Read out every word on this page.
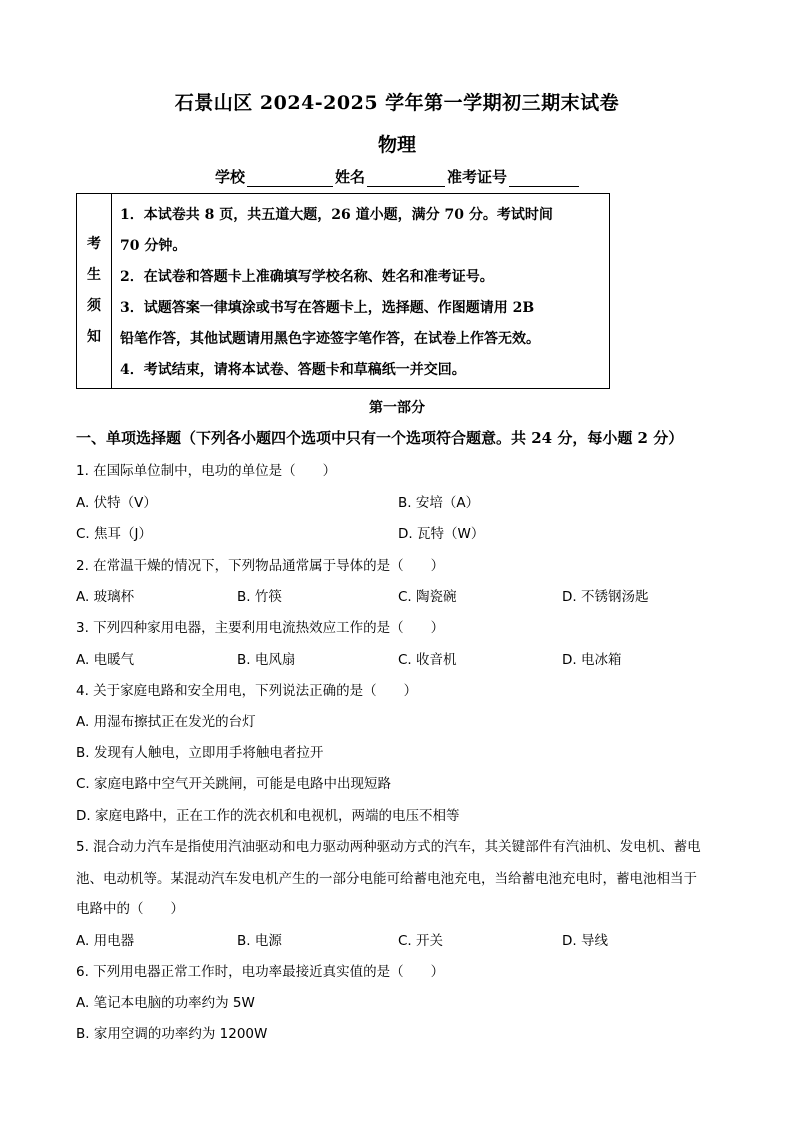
石景山区 2024-2025 学年第一学期初三期末试卷
物理
学校	姓名	准考证号
考
生
须
知
1．本试卷共 8 页，共五道大题，26 道小题，满分 70 分。考试时间
70 分钟。
2．在试卷和答题卡上准确填写学校名称、姓名和准考证号。
3．试题答案一律填涂或书写在答题卡上，选择题、作图题请用 2B
铅笔作答，其他试题请用黑色字迹签字笔作答，在试卷上作答无效。
4．考试结束，请将本试卷、答题卡和草稿纸一并交回。
第一部分
一、单项选择题（下列各小题四个选项中只有一个选项符合题意。共 24 分，每小题 2 分）
1. 在国际单位制中，电功的单位是（　　）
A. 伏特（V）	B. 安培（A）
C. 焦耳（J）	D. 瓦特（W）
2. 在常温干燥的情况下，下列物品通常属于导体的是（　　）
A. 玻璃杯	B. 竹筷	C. 陶瓷碗	D. 不锈钢汤匙
3. 下列四种家用电器，主要利用电流热效应工作的是（　　）
A. 电暖气	B. 电风扇	C. 收音机	D. 电冰箱
4. 关于家庭电路和安全用电，下列说法正确的是（　　）
A. 用湿布擦拭正在发光的台灯
B. 发现有人触电，立即用手将触电者拉开
C. 家庭电路中空气开关跳闸，可能是电路中出现短路
D. 家庭电路中，正在工作的洗衣机和电视机，两端的电压不相等
5. 混合动力汽车是指使用汽油驱动和电力驱动两种驱动方式的汽车，其关键部件有汽油机、发电机、蓄电
池、电动机等。某混动汽车发电机产生的一部分电能可给蓄电池充电，当给蓄电池充电时，蓄电池相当于
电路中的（　　）
A. 用电器	B. 电源	C. 开关	D. 导线
6. 下列用电器正常工作时，电功率最接近真实值的是（　　）
A. 笔记本电脑的功率约为 5W
B. 家用空调的功率约为 1200W
